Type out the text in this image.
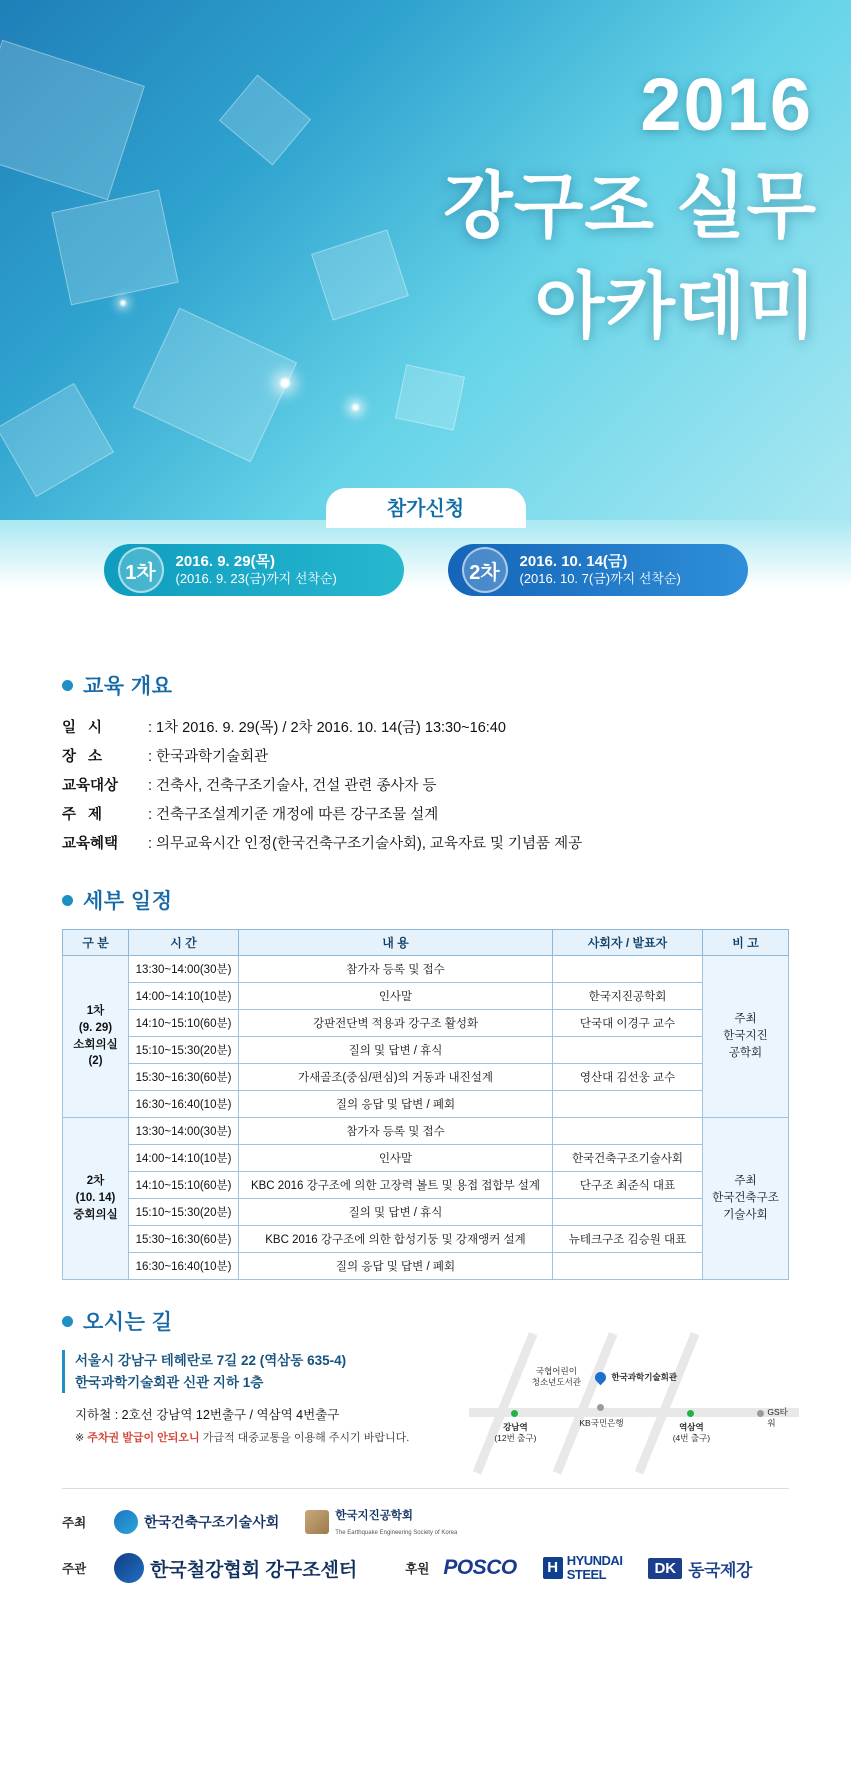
2016
강구조 실무
아카데미
참가신청
1차
2016. 9. 29(목)
(2016. 9. 23(금)까지 선착순)	2차
2016. 10. 14(금)
(2016. 10. 7(금)까지 선착순)
교육 개요
일 시	: 1차 2016. 9. 29(목) / 2차 2016. 10. 14(금) 13:30~16:40
장 소	: 한국과학기술회관
교육대상	: 건축사, 건축구조기술사, 건설 관련 종사자 등
주 제	: 건축구조설계기준 개정에 따른 강구조물 설계
교육혜택	: 의무교육시간 인정(한국건축구조기술사회), 교육자료 및 기념품 제공
세부 일정
구 분	시 간	내 용	사회자 / 발표자	비 고
1차
(9. 29)
소회의실(2)	13:30~14:00(30분)	참가자 등록 및 접수		주최
한국지진
공학회
	14:00~14:10(10분)	인사말	한국지진공학회	
	14:10~15:10(60분)	강판전단벽 적용과 강구조 활성화	단국대 이경구 교수	
	15:10~15:30(20분)	질의 및 답변 / 휴식		
	15:30~16:30(60분)	가새골조(중심/편심)의 거동과 내진설계	영산대 김선웅 교수	
	16:30~16:40(10분)	질의 응답 및 답변 / 폐회		
2차
(10. 14)
중회의실	13:30~14:00(30분)	참가자 등록 및 접수		주최
한국건축구조
기술사회
	14:00~14:10(10분)	인사말	한국건축구조기술사회	
	14:10~15:10(60분)	KBC 2016 강구조에 의한 고장력 볼트 및 용접 접합부 설계	단구조 최준식 대표	
	15:10~15:30(20분)	질의 및 답변 / 휴식		
	15:30~16:30(60분)	KBC 2016 강구조에 의한 합성기둥 및 강재앵커 설계	뉴테크구조 김승원 대표	
	16:30~16:40(10분)	질의 응답 및 답변 / 폐회		
오시는 길
서울시 강남구 테헤란로 7길 22 (역삼동 635-4)
한국과학기술회관 신관 지하 1층
지하철 : 2호선 강남역 12번출구 / 역삼역 4번출구
※ 주차권 발급이 안되오니 가급적 대중교통을 이용해 주시기 바랍니다.
한국과학기술회관
국협어린이
청소년도서관
KB국민은행
GS타워
강남역
(12번 출구)
역삼역
(4번 출구)
주최	한국건축구조기술사회	한국지진공학회
The Earthquake Engineering Society of Korea
주관	한국철강협회 강구조센터	후원 POSCO	H HYUNDAI
STEEL	DK 동국제강
